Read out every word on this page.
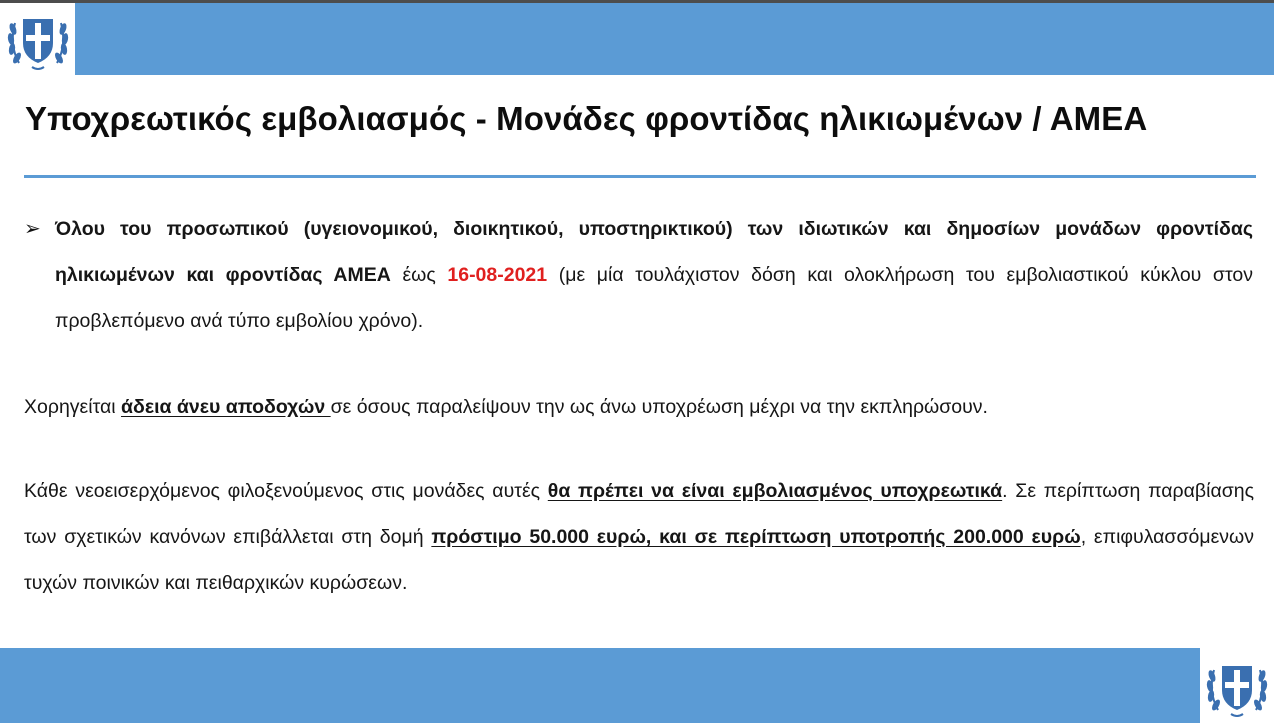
Υποχρεωτικός εμβολιασμός - Μονάδες φροντίδας ηλικιωμένων / ΑΜΕΑ
➢ Όλου του προσωπικού (υγειονομικού, διοικητικού, υποστηρικτικού) των ιδιωτικών και δημοσίων μονάδων φροντίδας ηλικιωμένων και φροντίδας ΑΜΕΑ έως 16-08-2021 (με μία τουλάχιστον δόση και ολοκλήρωση του εμβολιαστικού κύκλου στον προβλεπόμενο ανά τύπο εμβολίου χρόνο).
Χορηγείται άδεια άνευ αποδοχών σε όσους παραλείψουν την ως άνω υποχρέωση μέχρι να την εκπληρώσουν.
Κάθε νεοεισερχόμενος φιλοξενούμενος στις μονάδες αυτές θα πρέπει να είναι εμβολιασμένος υποχρεωτικά. Σε περίπτωση παραβίασης των σχετικών κανόνων επιβάλλεται στη δομή πρόστιμο 50.000 ευρώ, και σε περίπτωση υποτροπής 200.000 ευρώ, επιφυλασσόμενων τυχών ποινικών και πειθαρχικών κυρώσεων.
